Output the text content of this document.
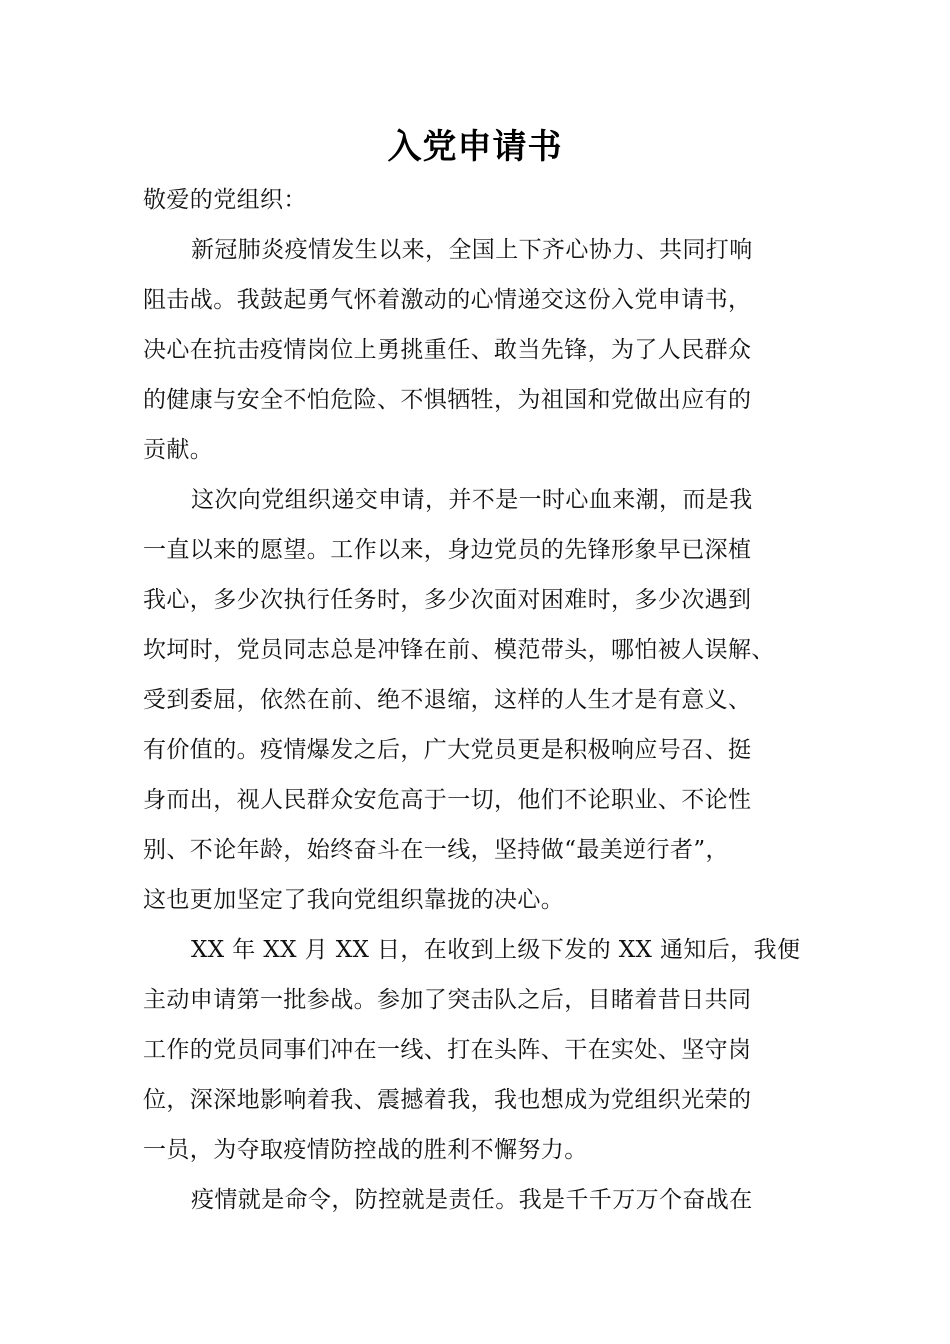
入党申请书
敬爱的党组织：
新冠肺炎疫情发生以来，全国上下齐心协力、共同打响
阻击战。我鼓起勇气怀着激动的心情递交这份入党申请书，
决心在抗击疫情岗位上勇挑重任、敢当先锋，为了人民群众
的健康与安全不怕危险、不惧牺牲，为祖国和党做出应有的
贡献。
这次向党组织递交申请，并不是一时心血来潮，而是我
一直以来的愿望。工作以来，身边党员的先锋形象早已深植
我心，多少次执行任务时，多少次面对困难时，多少次遇到
坎坷时，党员同志总是冲锋在前、模范带头，哪怕被人误解、
受到委屈，依然在前、绝不退缩，这样的人生才是有意义、
有价值的。疫情爆发之后，广大党员更是积极响应号召、挺
身而出，视人民群众安危高于一切，他们不论职业、不论性
别、不论年龄，始终奋斗在一线，坚持做“最美逆行者”，
这也更加坚定了我向党组织靠拢的决心。
XX 年 XX 月 XX 日，在收到上级下发的 XX 通知后，我便
主动申请第一批参战。参加了突击队之后，目睹着昔日共同
工作的党员同事们冲在一线、打在头阵、干在实处、坚守岗
位，深深地影响着我、震撼着我，我也想成为党组织光荣的
一员，为夺取疫情防控战的胜利不懈努力。
疫情就是命令，防控就是责任。我是千千万万个奋战在
